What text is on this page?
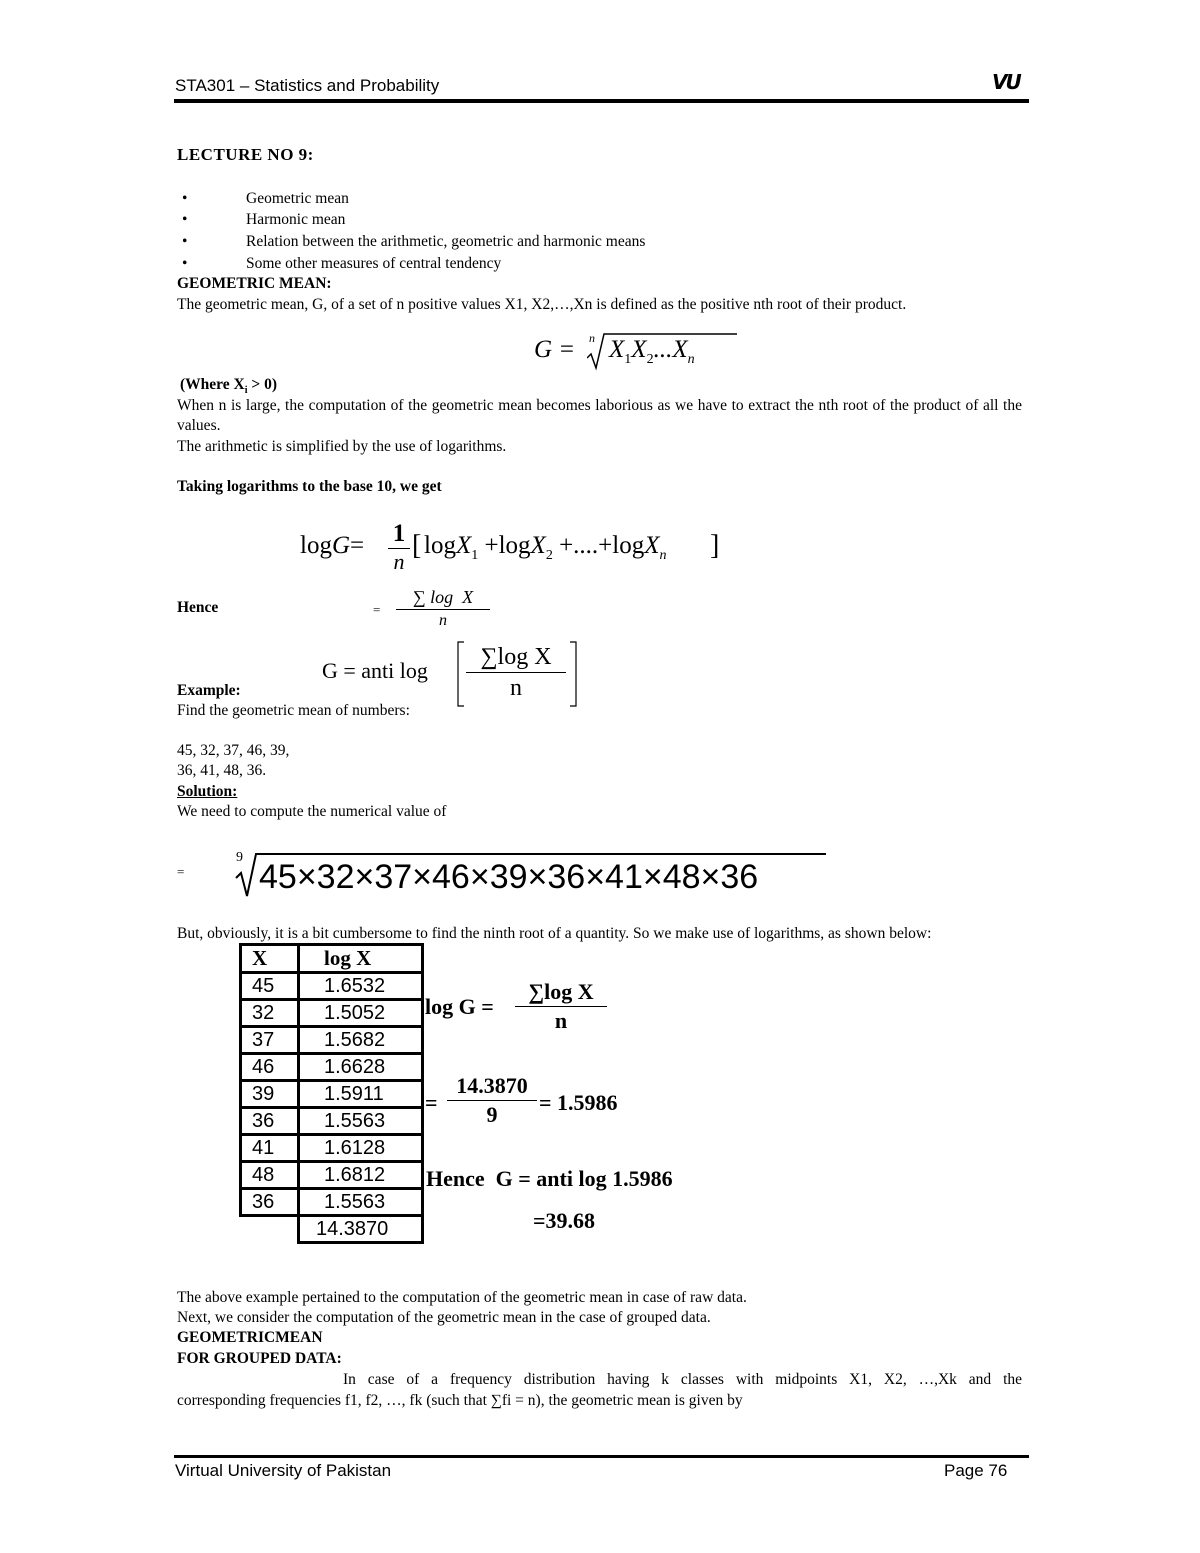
STA301 – Statistics and Probability	VU
LECTURE NO 9:
•	Geometric mean
•	Harmonic mean
•	Relation between the arithmetic, geometric and harmonic means
•	Some other measures of central tendency
GEOMETRIC MEAN:
The geometric mean, G, of a set of n positive values X1, X2,…,Xn is defined as the positive nth root of their product.
G = n $X_1X_2...X_n$
(Where $X_i > 0$)
When n is large, the computation of the geometric mean becomes laborious as we have to extract the nth root of the product of all the values.
The arithmetic is simplified by the use of logarithms.
Taking logarithms to the base 10, we get
logG= 1
n
[ logX$_1$ +logX$_2$ +....+logX$_n$ ]
Hence	=
∑ log  X
n
G = anti log
∑log X
n
Example:
Find the geometric mean of numbers:
45, 32, 37, 46, 39,
36, 41, 48, 36.
Solution:
We need to compute the numerical value of
=
9
45×32×37×46×39×36×41×48×36
But, obviously, it is a bit cumbersome to find the ninth root of a quantity. So we make use of logarithms, as shown below:
X	log X
45	1.6532
32	1.5052
37	1.5682
46	1.6628
39	1.5911
36	1.5563
41	1.6128
48	1.6812
36	1.5563
	14.3870
log G =
∑log X
n
=
14.3870
9	= 1.5986
Hence  G = anti log 1.5986
=39.68
The above example pertained to the computation of the geometric mean in case of raw data.
Next, we consider the computation of the geometric mean in the case of grouped data.
GEOMETRICMEAN
FOR GROUPED DATA:
In case of a frequency distribution having k classes with midpoints X1, X2, …,Xk and the
corresponding frequencies f1, f2, …, fk (such that ∑fi = n), the geometric mean is given by
Virtual University of Pakistan	Page 76
